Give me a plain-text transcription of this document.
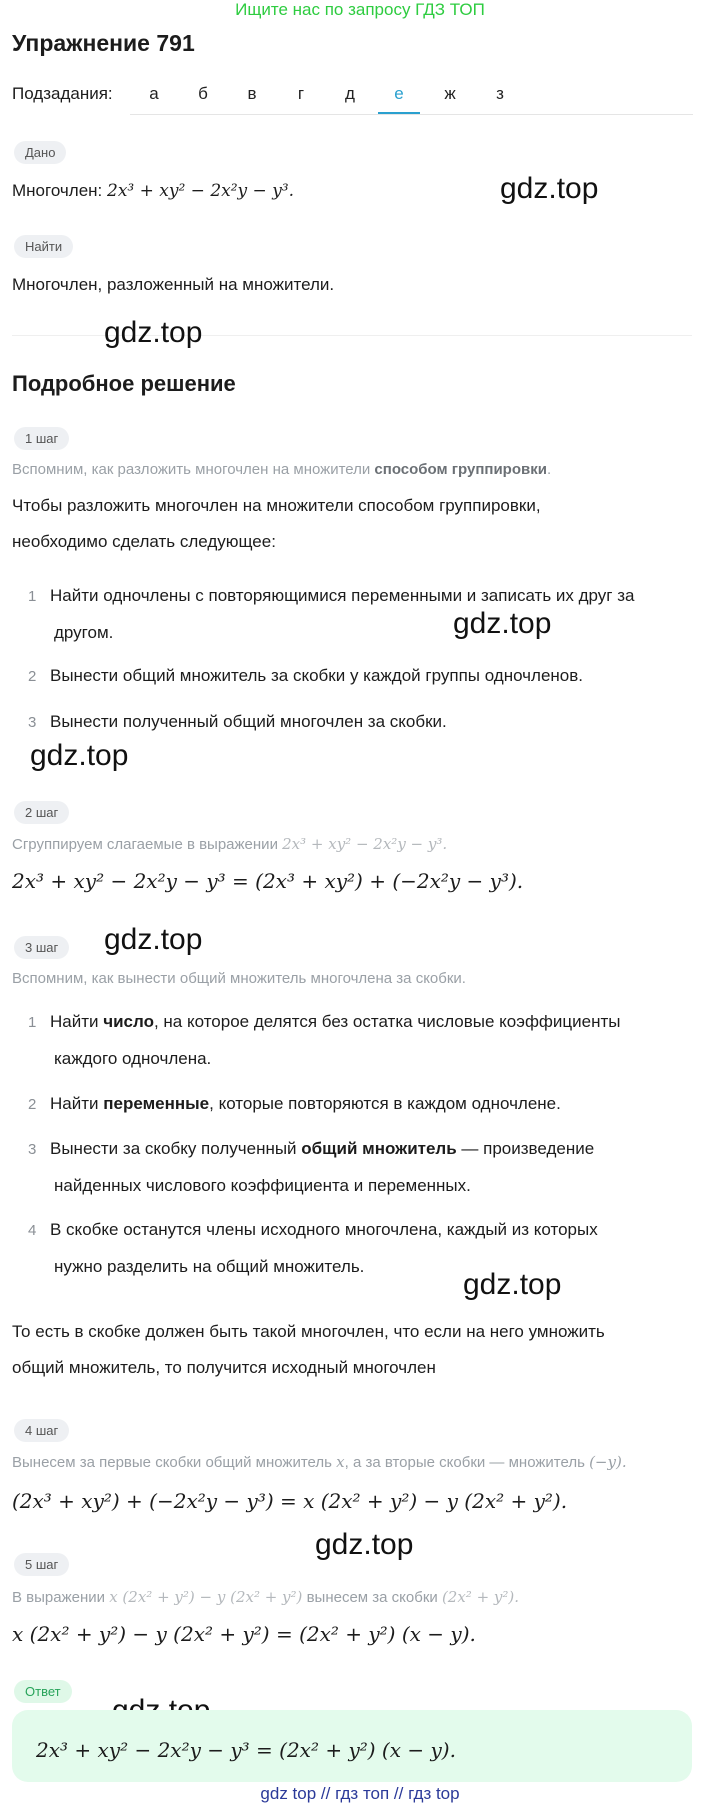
Ищите нас по запросу ГДЗ ТОП
Упражнение 791
Подзадания:	а	б	в	г	д	е	ж	з
Дано
Многочлен: 2x³ + xy² − 2x²y − y³.	gdz.top
Найти
Многочлен, разложенный на множители.
gdz.top
Подробное решение
1 шаг
Вспомним, как разложить многочлен на множители способом группировки.
Чтобы разложить многочлен на множители способом группировки,
необходимо сделать следующее:
1 Найти одночлены с повторяющимися переменными и записать их друг за
другом.	gdz.top
2 Вынести общий множитель за скобки у каждой группы одночленов.
3 Вынести полученный общий многочлен за скобки.
gdz.top
2 шаг
Сгруппируем слагаемые в выражении 2x³ + xy² − 2x²y − y³.
2x³ + xy² − 2x²y − y³ = (2x³ + xy²) + (−2x²y − y³).
3 шаг	gdz.top
Вспомним, как вынести общий множитель многочлена за скобки.
1 Найти число, на которое делятся без остатка числовые коэффициенты
каждого одночлена.
2 Найти переменные, которые повторяются в каждом одночлене.
3 Вынести за скобку полученный общий множитель — произведение
найденных числового коэффициента и переменных.
4 В скобке останутся члены исходного многочлена, каждый из которых
нужно разделить на общий множитель.
gdz.top
То есть в скобке должен быть такой многочлен, что если на него умножить
общий множитель, то получится исходный многочлен
4 шаг
Вынесем за первые скобки общий множитель x, а за вторые скобки — множитель (−y).
(2x³ + xy²) + (−2x²y − y³) = x (2x² + y²) − y (2x² + y²).
gdz.top
5 шаг
В выражении x (2x² + y²) − y (2x² + y²) вынесем за скобки (2x² + y²).
x (2x² + y²) − y (2x² + y²) = (2x² + y²) (x − y).
Ответ
2x³ + xy² − 2x²y − y³ = (2x² + y²) (x − y).
gdz top // гдз топ // гдз top
